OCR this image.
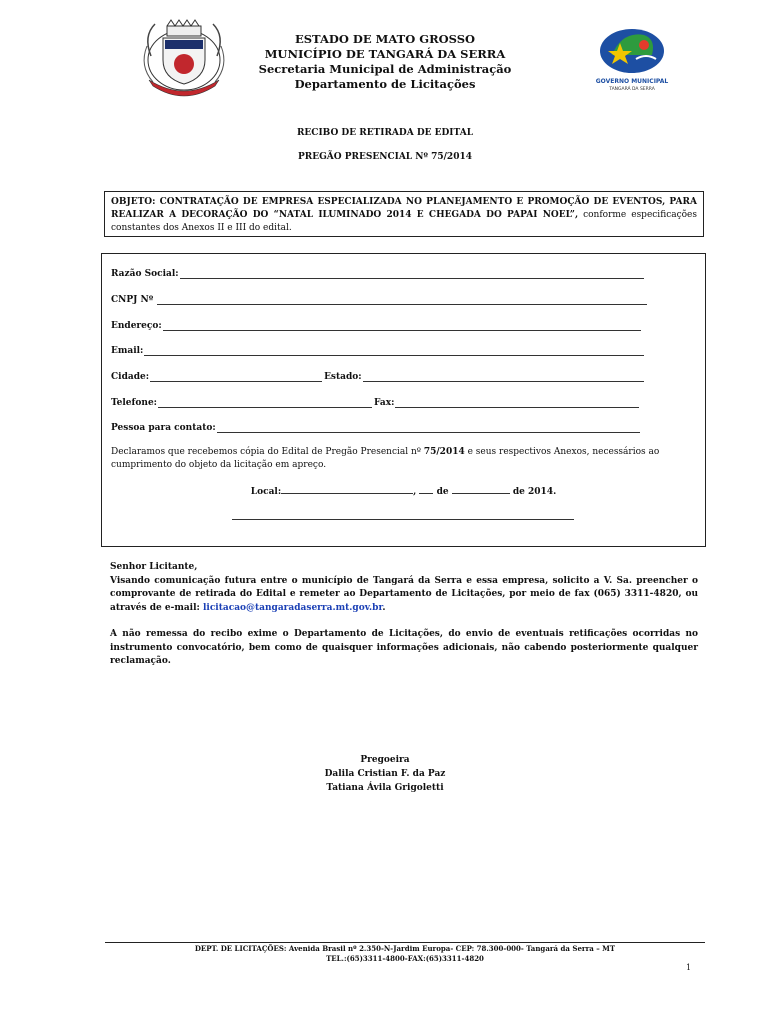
ESTADO DE MATO GROSSO
MUNICÍPIO DE TANGARÁ DA SERRA
Secretaria Municipal de Administração
Departamento de Licitações	GOVERNO MUNICIPAL
TANGARÁ DA SERRA
RECIBO DE RETIRADA DE EDITAL
PREGÃO PRESENCIAL Nº 75/2014
OBJETO: CONTRATAÇÃO DE EMPRESA ESPECIALIZADA NO PLANEJAMENTO E PROMOÇÃO DE EVENTOS, PARA REALIZAR A DECORAÇÃO DO “NATAL ILUMINADO 2014 E CHEGADA DO PAPAI NOEL”, conforme especificações constantes dos Anexos II e III do edital.
Razão Social:
CNPJ Nº
Endereço:
Email:
Cidade:	Estado:
Telefone:	Fax:
Pessoa para contato:
Declaramos que recebemos cópia do Edital de Pregão Presencial nº 75/2014 e seus respectivos Anexos, necessários ao cumprimento do objeto da licitação em apreço.
Local:	,  de	de 2014.
Senhor Licitante,

Visando comunicação futura entre o município de Tangará da Serra e essa empresa, solicito a V. Sa. preencher o comprovante de retirada do Edital e remeter ao Departamento de Licitações, por meio de fax (065) 3311-4820, ou através de e-mail: licitacao@tangaradaserra.mt.gov.br.

A não remessa do recibo exime o Departamento de Licitações, do envio de eventuais retificações ocorridas no instrumento convocatório, bem como de quaisquer informações adicionais, não cabendo posteriormente qualquer reclamação.

Pregoeira
Dalila Cristian F. da Paz
Tatiana Ávila Grigoletti
DEPT. DE LICITAÇÕES: Avenida Brasil nº 2.350-N-Jardim Europa- CEP: 78.300-000- Tangará da Serra – MT
TEL.:(65)3311-4800-FAX:(65)3311-4820
1
